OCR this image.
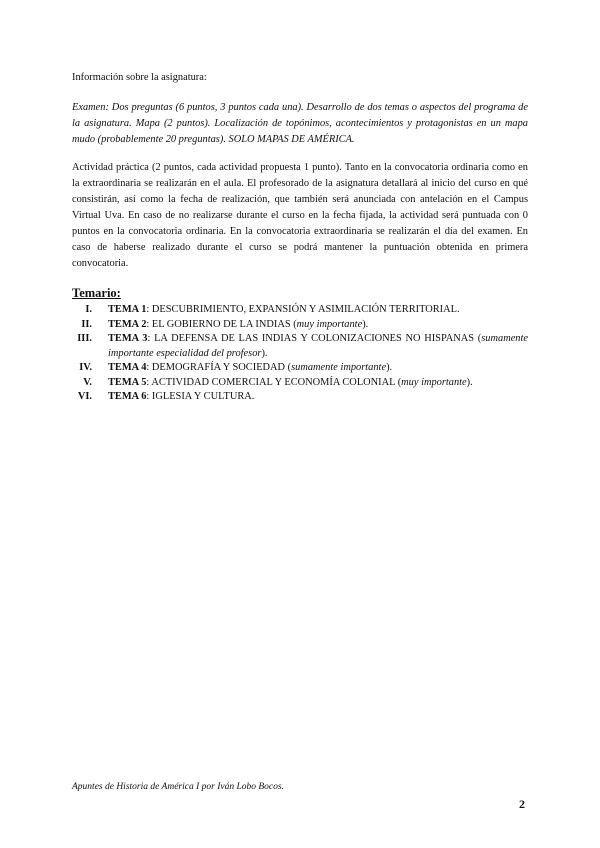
Información sobre la asignatura:

Examen: Dos preguntas (6 puntos, 3 puntos cada una). Desarrollo de dos temas o aspectos del programa de la asignatura. Mapa (2 puntos). Localización de topónimos, acontecimientos y protagonistas en un mapa mudo (probablemente 20 preguntas). SOLO MAPAS DE AMÉRICA.

Actividad práctica (2 puntos, cada actividad propuesta 1 punto). Tanto en la convocatoria ordinaria como en la extraordinaria se realizarán en el aula. El profesorado de la asignatura detallará al inicio del curso en qué consistirán, así como la fecha de realización, que también será anunciada con antelación en el Campus Virtual Uva. En caso de no realizarse durante el curso en la fecha fijada, la actividad será puntuada con 0 puntos en la convocatoria ordinaria. En la convocatoria extraordinaria se realizarán el día del examen. En caso de haberse realizado durante el curso se podrá mantener la puntuación obtenida en primera convocatoria.

Temario:
I. TEMA 1: DESCUBRIMIENTO, EXPANSIÓN Y ASIMILACIÓN TERRITORIAL.
II. TEMA 2: EL GOBIERNO DE LA INDIAS (muy importante).
III. TEMA 3: LA DEFENSA DE LAS INDIAS Y COLONIZACIONES NO HISPANAS (sumamente importante especialidad del profesor).
IV. TEMA 4: DEMOGRAFÍA Y SOCIEDAD (sumamente importante).
V. TEMA 5: ACTIVIDAD COMERCIAL Y ECONOMÍA COLONIAL (muy importante).
VI. TEMA 6: IGLESIA Y CULTURA.
Apuntes de Historia de América I por Iván Lobo Bocos.
2
